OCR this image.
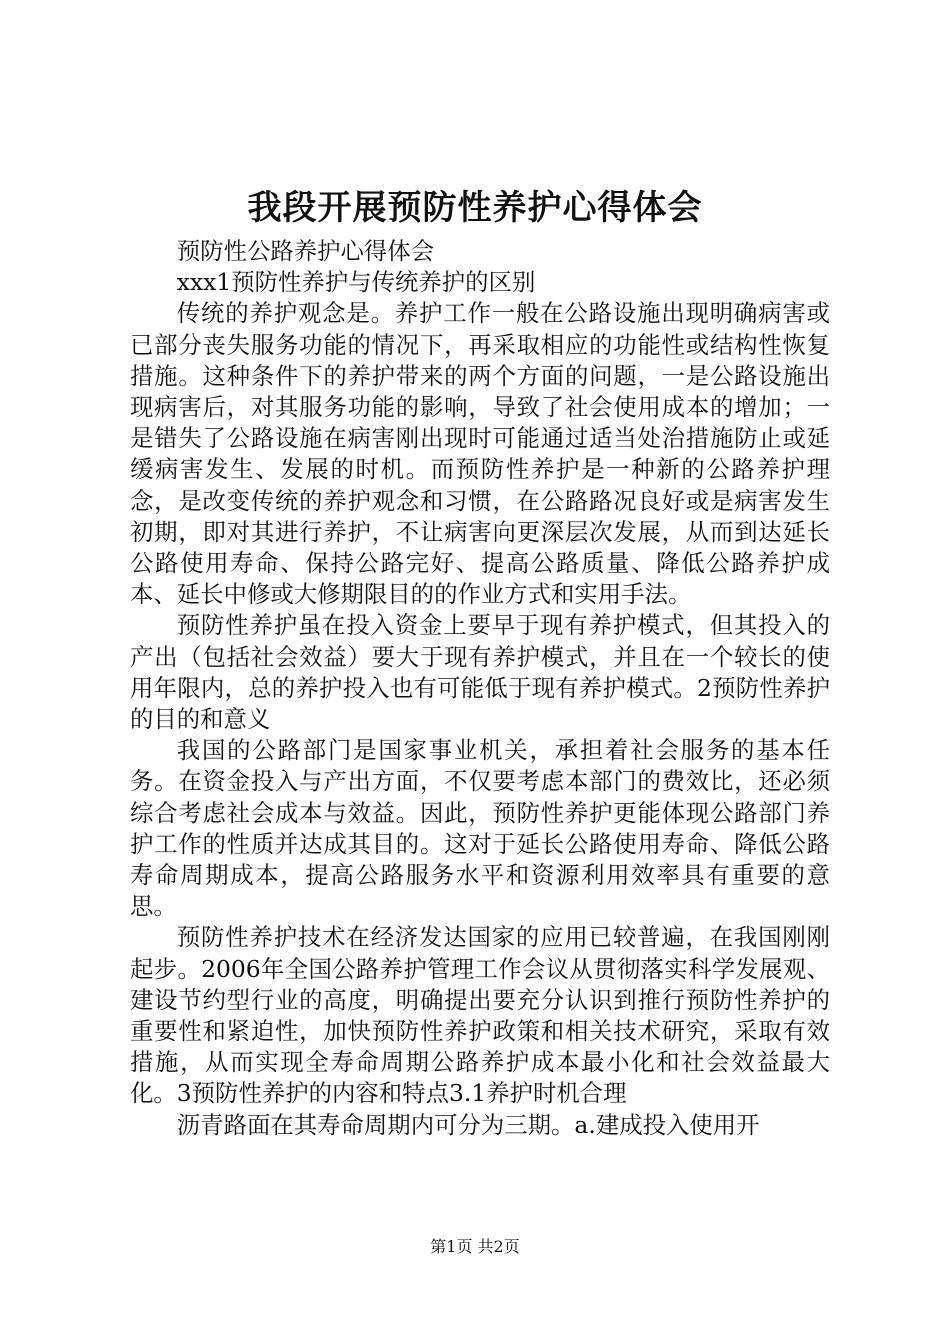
我段开展预防性养护心得体会

预防性公路养护心得体会

xxx1预防性养护与传统养护的区别

传统的养护观念是。养护工作一般在公路设施出现明确病害或已部分丧失服务功能的情况下，再采取相应的功能性或结构性恢复措施。这种条件下的养护带来的两个方面的问题，一是公路设施出现病害后，对其服务功能的影响，导致了社会使用成本的增加；一是错失了公路设施在病害刚出现时可能通过适当处治措施防止或延缓病害发生、发展的时机。而预防性养护是一种新的公路养护理念，是改变传统的养护观念和习惯，在公路路况良好或是病害发生初期，即对其进行养护，不让病害向更深层次发展，从而到达延长公路使用寿命、保持公路完好、提高公路质量、降低公路养护成本、延长中修或大修期限目的的作业方式和实用手法。

预防性养护虽在投入资金上要早于现有养护模式，但其投入的产出（包括社会效益）要大于现有养护模式，并且在一个较长的使用年限内，总的养护投入也有可能低于现有养护模式。2预防性养护的目的和意义

我国的公路部门是国家事业机关，承担着社会服务的基本任务。在资金投入与产出方面，不仅要考虑本部门的费效比，还必须综合考虑社会成本与效益。因此，预防性养护更能体现公路部门养护工作的性质并达成其目的。这对于延长公路使用寿命、降低公路寿命周期成本，提高公路服务水平和资源利用效率具有重要的意思。

预防性养护技术在经济发达国家的应用已较普遍，在我国刚刚起步。2006年全国公路养护管理工作会议从贯彻落实科学发展观、建设节约型行业的高度，明确提出要充分认识到推行预防性养护的重要性和紧迫性，加快预防性养护政策和相关技术研究，采取有效措施，从而实现全寿命周期公路养护成本最小化和社会效益最大化。3预防性养护的内容和特点3.1养护时机合理

沥青路面在其寿命周期内可分为三期。a.建成投入使用开

第1页 共2页
